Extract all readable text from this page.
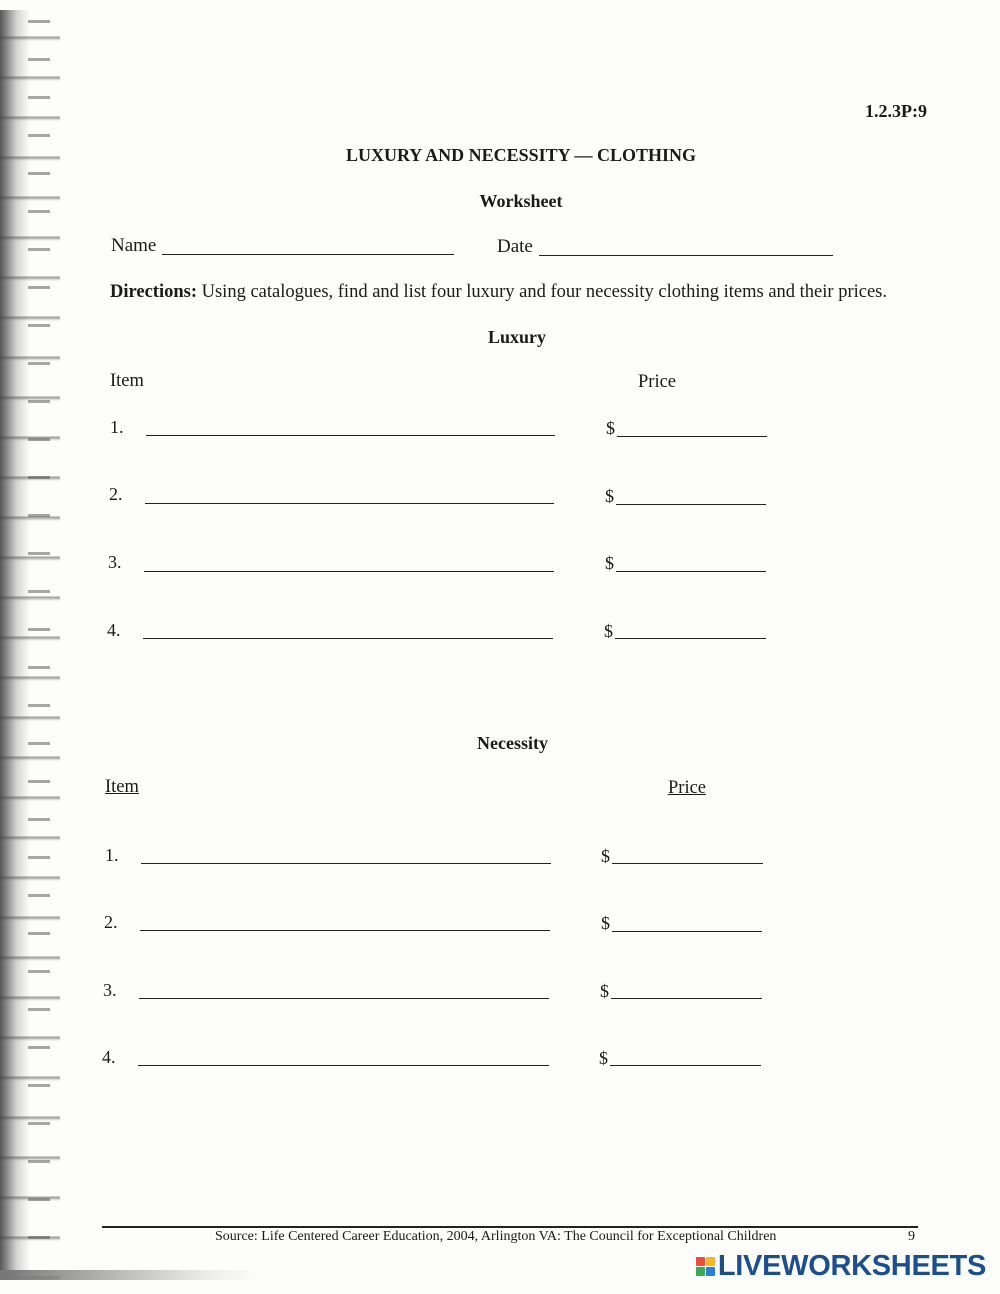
1.2.3P:9
LUXURY AND NECESSITY — CLOTHING
Worksheet
Name	Date
Directions: Using catalogues, find and list four luxury and four necessity clothing items and their prices.
Luxury
Item	Price
1.	$
2.	$
3.	$
4.	$
Necessity
Item	Price
1.	$
2.	$
3.	$
4.	$
Source: Life Centered Career Education, 2004, Arlington VA: The Council for Exceptional Children	9
LIVEWORKSHEETS
